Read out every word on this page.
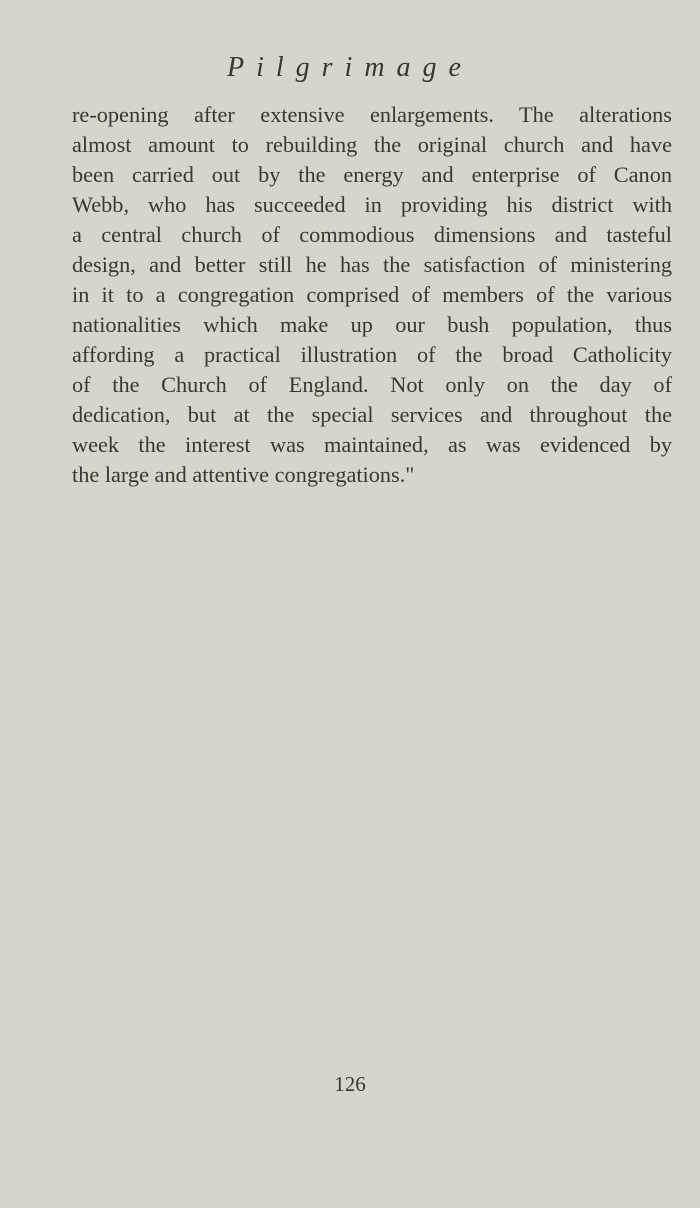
Pilgrimage
re-opening after extensive enlargements. The alterations
almost amount to rebuilding the original church and have
been carried out by the energy and enterprise of Canon
Webb, who has succeeded in providing his district with
a central church of commodious dimensions and tasteful
design, and better still he has the satisfaction of ministering
in it to a congregation comprised of members of the various
nationalities which make up our bush population, thus
affording a practical illustration of the broad Catholicity
of the Church of England. Not only on the day of
dedication, but at the special services and throughout the
week the interest was maintained, as was evidenced by
the large and attentive congregations."
126
